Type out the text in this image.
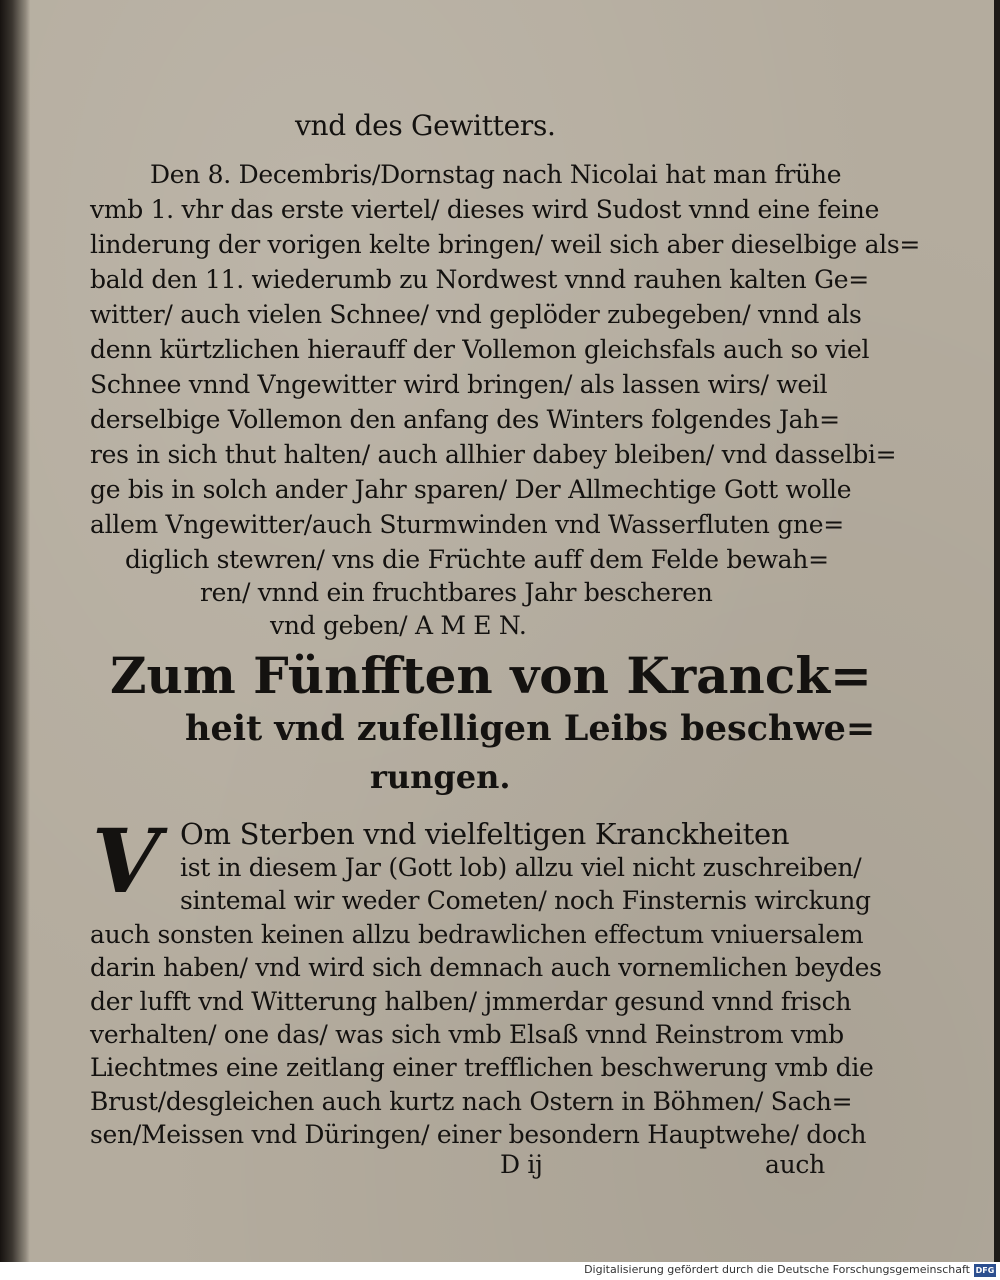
vnd des Gewitters.
Den 8. Decembris/Dornstag nach Nicolai hat man frühe
vmb 1. vhr das erste viertel/ dieses wird Sudost vnnd eine feine
linderung der vorigen kelte bringen/ weil sich aber dieselbige als=
bald den 11. wiederumb zu Nordwest vnnd rauhen kalten Ge=
witter/ auch vielen Schnee/ vnd geplöder zubegeben/ vnnd als
denn kürtzlichen hierauff der Vollemon gleichsfals auch so viel
Schnee vnnd Vngewitter wird bringen/ als lassen wirs/ weil
derselbige Vollemon den anfang des Winters folgendes Jah=
res in sich thut halten/ auch allhier dabey bleiben/ vnd dasselbi=
ge bis in solch ander Jahr sparen/ Der Allmechtige Gott wolle
allem Vngewitter/auch Sturmwinden vnd Wasserfluten gne=
diglich stewren/ vns die Früchte auff dem Felde bewah=
ren/ vnnd ein fruchtbares Jahr bescheren
vnd geben/ A M E N.
Zum Fünfften von Kranck=
heit vnd zufelligen Leibs beschwe=
rungen.
V Om Sterben vnd vielfeltigen Kranckheiten
ist in diesem Jar (Gott lob) allzu viel nicht zuschreiben/
sintemal wir weder Cometen/ noch Finsternis wirckung
auch sonsten keinen allzu bedrawlichen effectum vniuersalem
darin haben/ vnd wird sich demnach auch vornemlichen beydes
der lufft vnd Witterung halben/ jmmerdar gesund vnnd frisch
verhalten/ one das/ was sich vmb Elsaß vnnd Reinstrom vmb
Liechtmes eine zeitlang einer trefflichen beschwerung vmb die
Brust/desgleichen auch kurtz nach Ostern in Böhmen/ Sach=
sen/Meissen vnd Düringen/ einer besondern Hauptwehe/ doch
D ij	auch
Digitalisierung gefördert durch die Deutsche Forschungsgemeinschaft DFG
